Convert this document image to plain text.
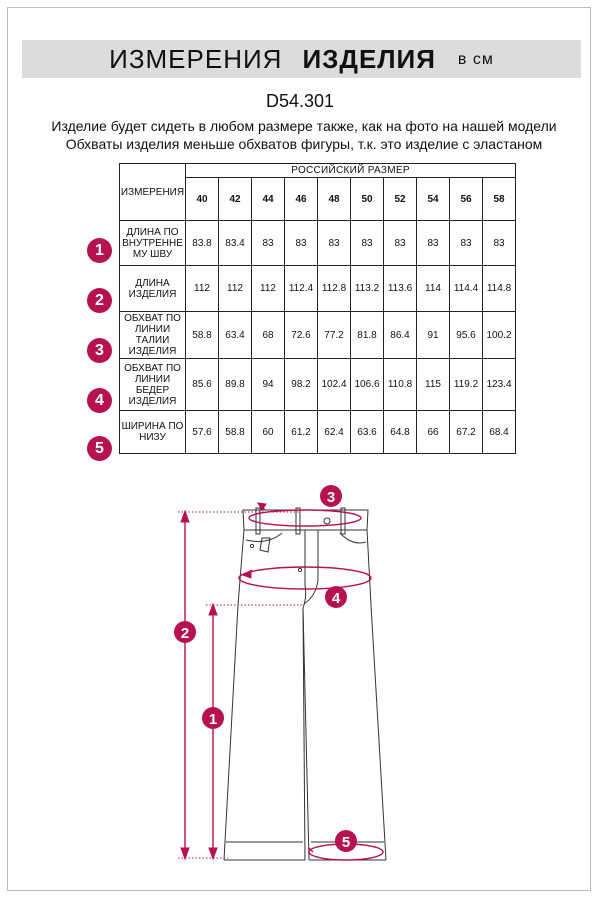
ИЗМЕРЕНИЯ ИЗДЕЛИЯ в см
D54.301
Изделие будет сидеть в любом размере также, как на фото на нашей модели
Обхваты изделия меньше обхватов фигуры, т.к. это изделие с эластаном
ИЗМЕРЕНИЯ	РОССИЙСКИЙ РАЗМЕР									
	40	42	44	46	48	50	52	54	56	58
ДЛИНА ПО ВНУТРЕННЕ МУ ШВУ	83.8	83.4	83	83	83	83	83	83	83	83
ДЛИНА ИЗДЕЛИЯ	112	112	112	112.4	112.8	113.2	113.6	114	114.4	114.8
ОБХВАТ ПО ЛИНИИ ТАЛИИ ИЗДЕЛИЯ	58.8	63.4	68	72.6	77.2	81.8	86.4	91	95.6	100.2
ОБХВАТ ПО ЛИНИИ БЕДЕР ИЗДЕЛИЯ	85.6	89.8	94	98.2	102.4	106.6	110.8	115	119.2	123.4
ШИРИНА ПО НИЗУ	57.6	58.8	60	61.2	62.4	63.6	64.8	66	67.2	68.4
1
2
3
4
5
1
2
3
4
5
